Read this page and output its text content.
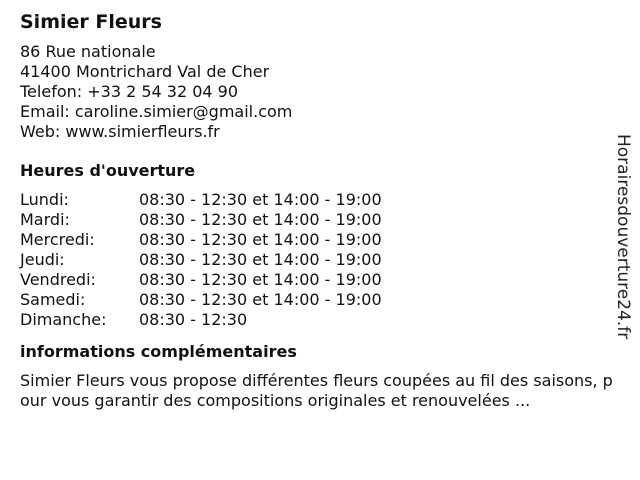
Simier Fleurs
86 Rue nationale
41400 Montrichard Val de Cher
Telefon: +33 2 54 32 04 90
Email: caroline.simier@gmail.com
Web: www.simierfleurs.fr
Heures d'ouverture
Lundi:	08:30 - 12:30 et 14:00 - 19:00
Mardi:	08:30 - 12:30 et 14:00 - 19:00
Mercredi:	08:30 - 12:30 et 14:00 - 19:00
Jeudi:	08:30 - 12:30 et 14:00 - 19:00
Vendredi:	08:30 - 12:30 et 14:00 - 19:00
Samedi:	08:30 - 12:30 et 14:00 - 19:00
Dimanche:	08:30 - 12:30
informations complémentaires
Simier Fleurs vous propose différentes fleurs coupées au fil des saisons, pour vous garantir des compositions originales et renouvelées ...
Horairesdouverture24.fr
